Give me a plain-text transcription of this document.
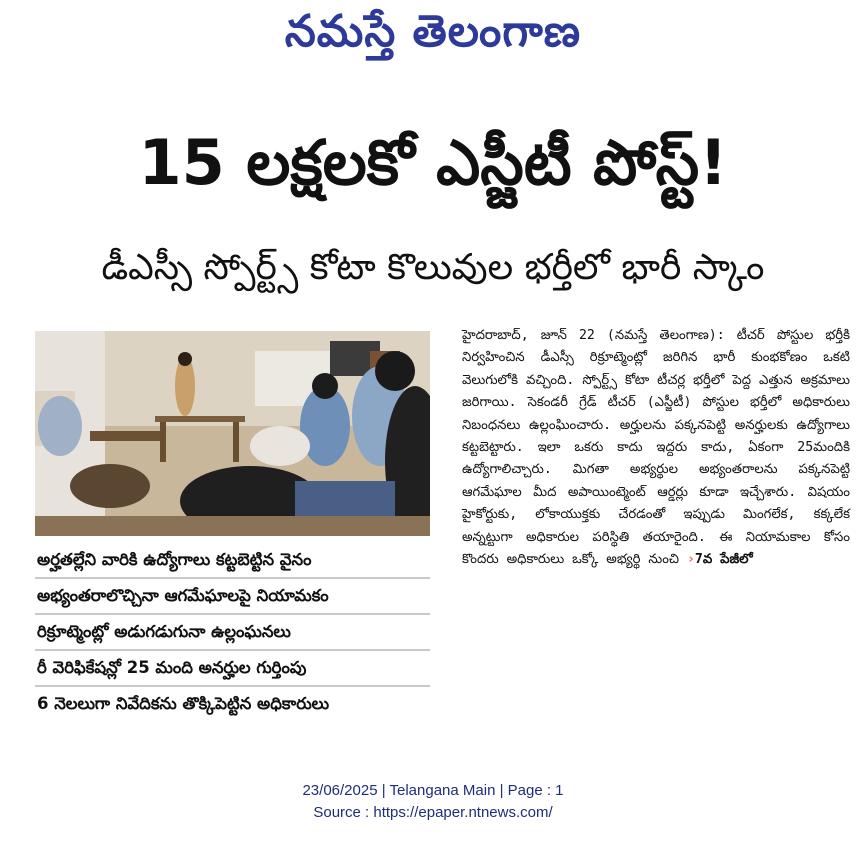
నమస్తే తెలంగాణ
15 లక్షలకో ఎస్జీటీ పోస్ట్!
డీఎస్సీ స్పోర్ట్స్ కోటా కొలువుల భర్తీలో భారీ స్కాం
అర్హతల్లేని వారికి ఉద్యోగాలు కట్టబెట్టిన వైనం
అభ్యంతరాలొచ్చినా ఆగమేఘాలపై నియామకం
రిక్రూట్మెంట్లో అడుగడుగునా ఉల్లంఘనలు
రీ వెరిఫికేషన్లో 25 మంది అనర్హుల గుర్తింపు
6 నెలలుగా నివేదికను తొక్కిపెట్టిన అధికారులు

హైదరాబాద్, జూన్ 22 (నమస్తే తెలంగాణ): టీచర్ పోస్టుల భర్తీకి నిర్వహించిన డీఎస్సీ రిక్రూట్మెంట్లో జరిగిన భారీ కుంభకోణం ఒకటి వెలుగులోకి వచ్చింది. స్పోర్ట్స్ కోటా టీచర్ల భర్తీలో పెద్ద ఎత్తున అక్రమాలు జరిగాయి. సెకండరీ గ్రేడ్ టీచర్ (ఎస్జీటీ) పోస్టుల భర్తీలో అధికారులు నిబంధనలు ఉల్లంఘించారు. అర్హులను పక్కనపెట్టి అనర్హులకు ఉద్యోగాలు కట్టబెట్టారు. ఇలా ఒకరు కాదు ఇద్దరు కాదు, ఏకంగా 25మందికి ఉద్యోగాలిచ్చారు. మిగతా అభ్యర్థుల అభ్యంతరాలను పక్కనపెట్టి ఆగమేఘాల మీద అపాయింట్మెంట్ ఆర్డర్లు కూడా ఇచ్చేశారు. విషయం హైకోర్టుకు, లోకాయుక్తకు చేరడంతో ఇప్పుడు మింగలేక, కక్కలేక అన్నట్టుగా అధికారుల పరిస్థితి తయారైంది. ఈ నియామకాల కోసం కొందరు అధికారులు ఒక్కో అభ్యర్థి నుంచి ›7వ పేజీలో

23/06/2025 | Telangana Main | Page : 1
Source : https://epaper.ntnews.com/
